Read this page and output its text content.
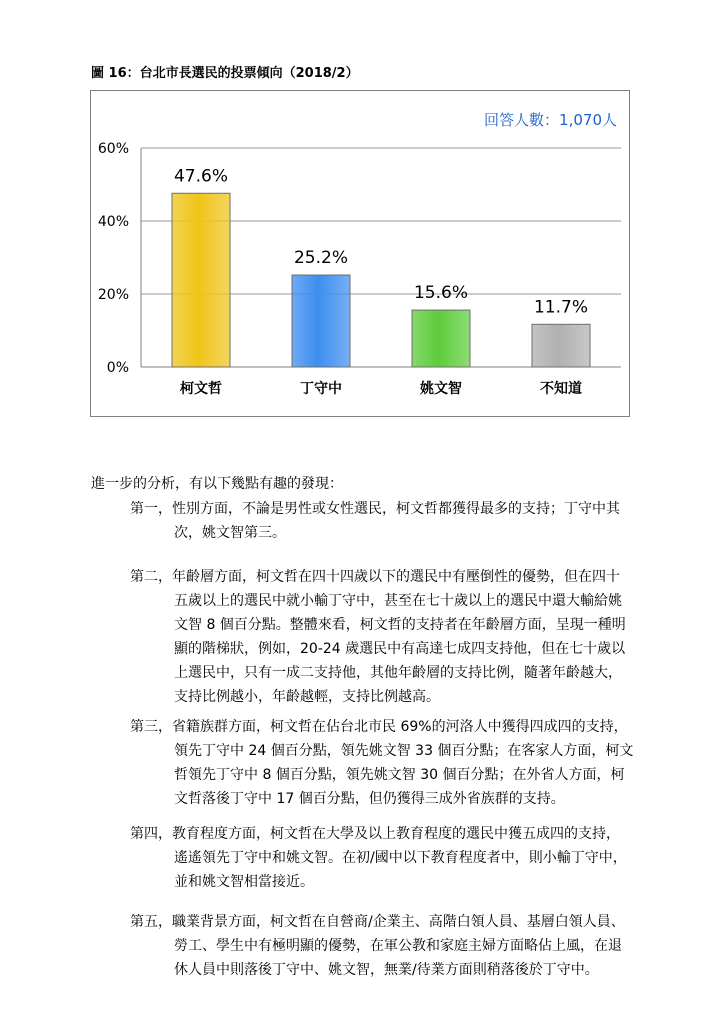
圖 16：台北市長選民的投票傾向（2018/2）
0%
20%
40%
60%
47.6%
柯文哲
25.2%
丁守中
15.6%
姚文智
11.7%
不知道
回答人數：1,070人
進一步的分析，有以下幾點有趣的發現：
第一，性別方面，不論是男性或女性選民，柯文哲都獲得最多的支持；丁守中其
次，姚文智第三。
第二，年齡層方面，柯文哲在四十四歲以下的選民中有壓倒性的優勢，但在四十
五歲以上的選民中就小輸丁守中，甚至在七十歲以上的選民中還大輸給姚
文智 8 個百分點。整體來看，柯文哲的支持者在年齡層方面，呈現一種明
顯的階梯狀，例如，20-24 歲選民中有高達七成四支持他，但在七十歲以
上選民中，只有一成二支持他，其他年齡層的支持比例，隨著年齡越大，
支持比例越小，年齡越輕，支持比例越高。
第三，省籍族群方面，柯文哲在佔台北市民 69%的河洛人中獲得四成四的支持，
領先丁守中 24 個百分點，領先姚文智 33 個百分點；在客家人方面，柯文
哲領先丁守中 8 個百分點，領先姚文智 30 個百分點；在外省人方面，柯
文哲落後丁守中 17 個百分點，但仍獲得三成外省族群的支持。
第四，教育程度方面，柯文哲在大學及以上教育程度的選民中獲五成四的支持，
遙遙領先丁守中和姚文智。在初/國中以下教育程度者中，則小輸丁守中，
並和姚文智相當接近。
第五，職業背景方面，柯文哲在自營商/企業主、高階白領人員、基層白領人員、
勞工、學生中有極明顯的優勢，在軍公教和家庭主婦方面略佔上風，在退
休人員中則落後丁守中、姚文智，無業/待業方面則稍落後於丁守中。
